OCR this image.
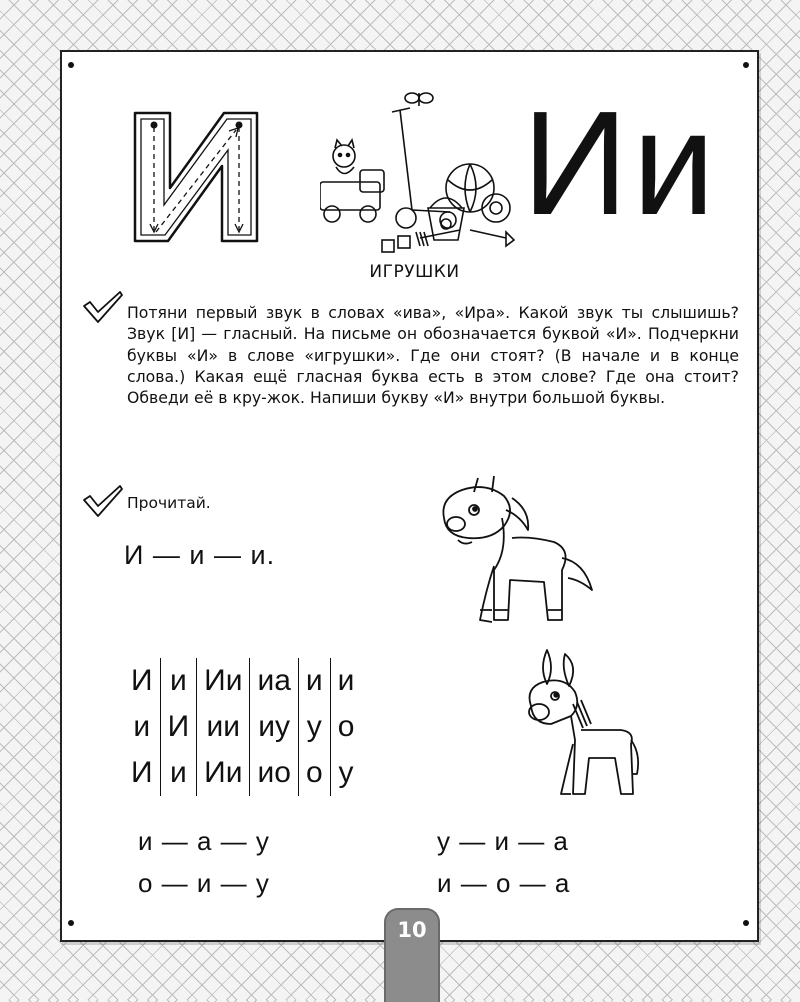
Ии
ИГРУШКИ
Потяни первый звук в словах «ива», «Ира». Какой звук ты слышишь? Звук [И] — гласный. На письме он обозначается буквой «И». Подчеркни буквы «И» в слове «игрушки». Где они стоят? (В начале и в конце слова.) Какая ещё гласная буква есть в этом слове? Где она стоит? Обведи её в кру-жок. Напиши букву «И» внутри большой буквы.
Прочитай.
И — и — и.
И	и	Ии	иа	и	и
и	И	ии	иу	у	о
И	и	Ии	ио	о	у
и — а — у
о — и — у
у — и — а
и — о — а
10
